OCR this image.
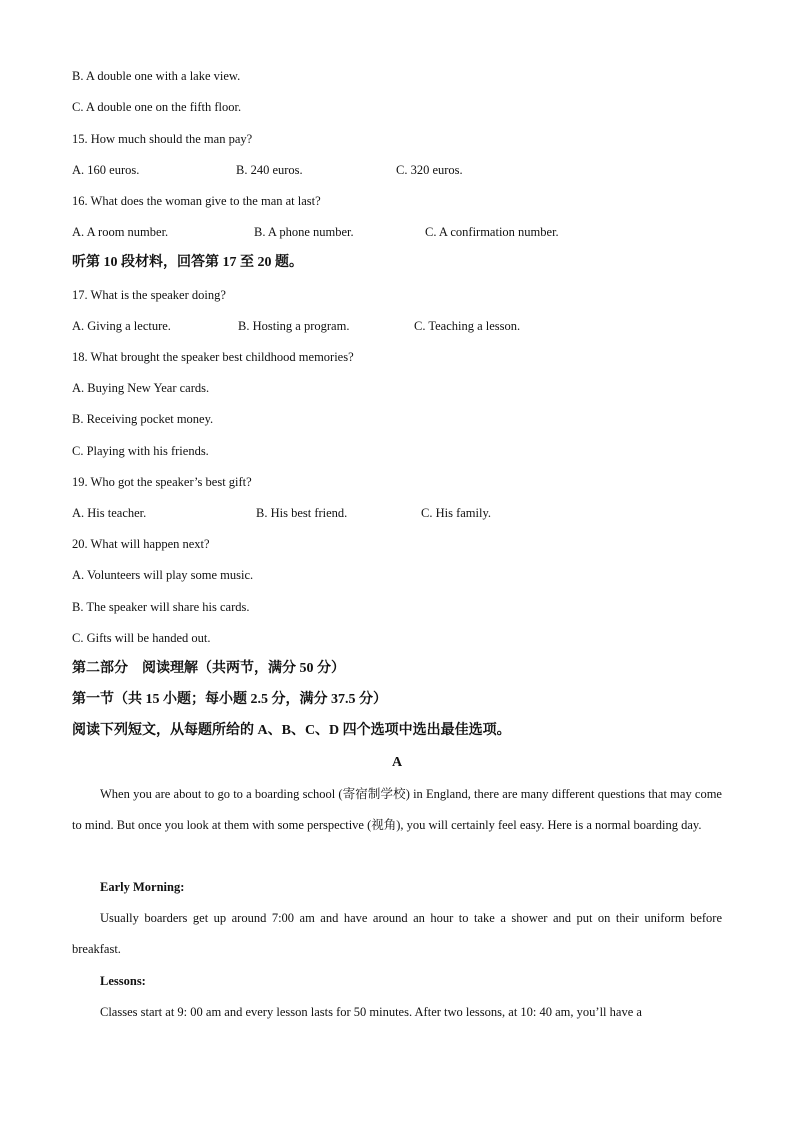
B. A double one with a lake view.
C. A double one on the fifth floor.
15. How much should the man pay?
A. 160 euros.	B. 240 euros.	C. 320 euros.
16. What does the woman give to the man at last?
A. A room number.	B. A phone number.	C. A confirmation number.
听第 10 段材料，回答第 17 至 20 题。
17. What is the speaker doing?
A. Giving a lecture.	B. Hosting a program.	C. Teaching a lesson.
18. What brought the speaker best childhood memories?
A. Buying New Year cards.
B. Receiving pocket money.
C. Playing with his friends.
19. Who got the speaker’s best gift?
A. His teacher.	B. His best friend.	C. His family.
20. What will happen next?
A. Volunteers will play some music.
B. The speaker will share his cards.
C. Gifts will be handed out.
第二部分　阅读理解（共两节，满分 50 分）
第一节（共 15 小题；每小题 2.5 分，满分 37.5 分）
阅读下列短文，从每题所给的 A、B、C、D 四个选项中选出最佳选项。
A
When you are about to go to a boarding school (寄宿制学校) in England, there are many different questions that may come to mind. But once you look at them with some perspective (视角), you will certainly feel easy. Here is a normal boarding day.
Early Morning:
Usually boarders get up around 7:00 am and have around an hour to take a shower and put on their uniform before breakfast.
Lessons:
Classes start at 9: 00 am and every lesson lasts for 50 minutes. After two lessons, at 10: 40 am, you’ll have a
